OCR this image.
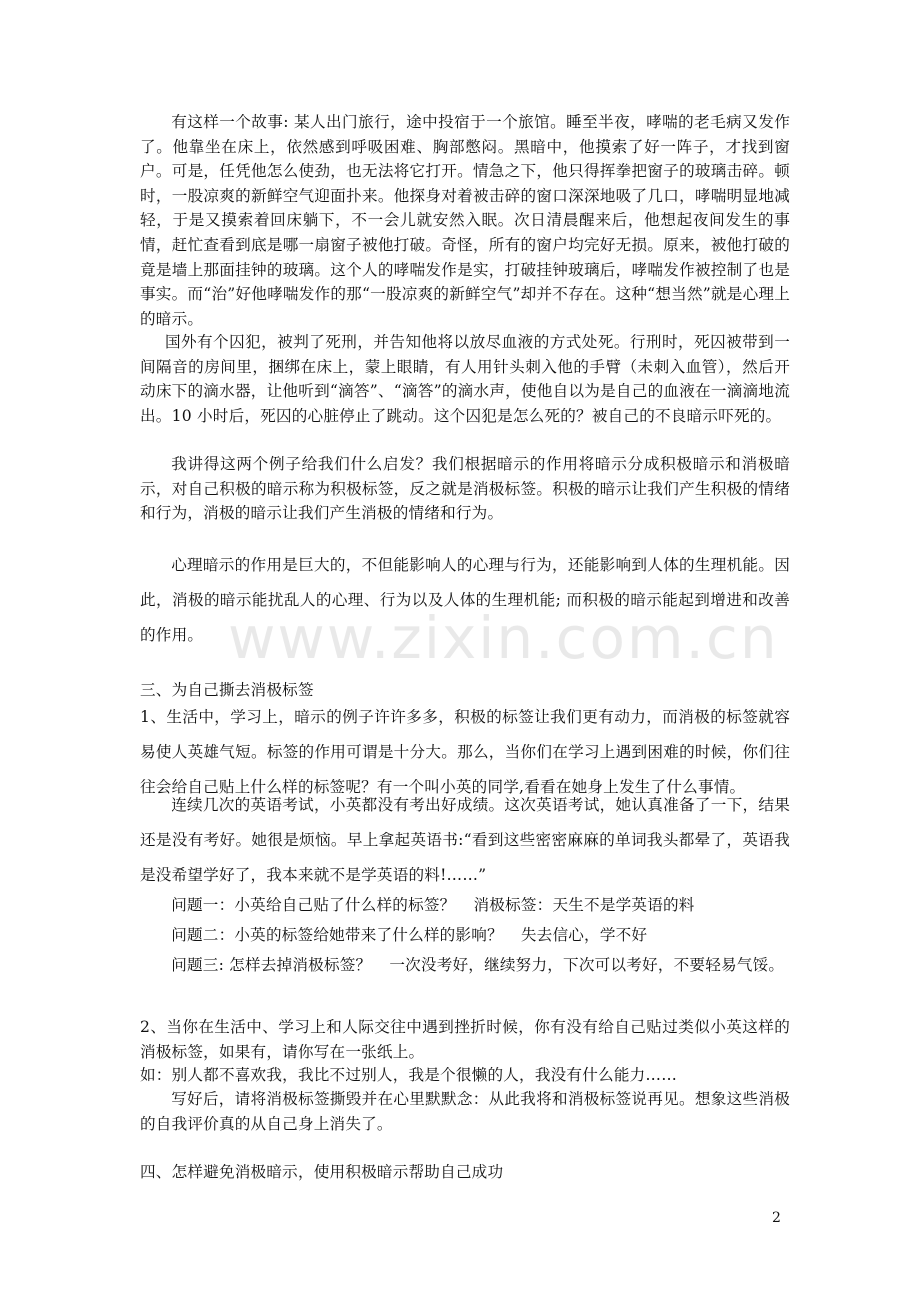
www.zixin.com.cn

有这样一个故事: 某人出门旅行，途中投宿于一个旅馆。睡至半夜，哮喘的老毛病又发作了。他靠坐在床上，依然感到呼吸困难、胸部憋闷。黑暗中，他摸索了好一阵子，才找到窗户。可是，任凭他怎么使劲，也无法将它打开。情急之下，他只得挥拳把窗子的玻璃击碎。顿时，一股凉爽的新鲜空气迎面扑来。他探身对着被击碎的窗口深深地吸了几口，哮喘明显地减轻，于是又摸索着回床躺下，不一会儿就安然入眠。次日清晨醒来后，他想起夜间发生的事情，赶忙查看到底是哪一扇窗子被他打破。奇怪，所有的窗户均完好无损。原来，被他打破的竟是墙上那面挂钟的玻璃。这个人的哮喘发作是实，打破挂钟玻璃后，哮喘发作被控制了也是事实。而“治”好他哮喘发作的那“一股凉爽的新鲜空气”却并不存在。这种“想当然”就是心理上的暗示。

国外有个囚犯，被判了死刑，并告知他将以放尽血液的方式处死。行刑时，死囚被带到一间隔音的房间里，捆绑在床上，蒙上眼睛，有人用针头刺入他的手臂（未刺入血管），然后开动床下的滴水器，让他听到“滴答”、“滴答”的滴水声，使他自以为是自己的血液在一滴滴地流出。10 小时后，死囚的心脏停止了跳动。这个囚犯是怎么死的？被自己的不良暗示吓死的。

我讲得这两个例子给我们什么启发？我们根据暗示的作用将暗示分成积极暗示和消极暗示，对自己积极的暗示称为积极标签，反之就是消极标签。积极的暗示让我们产生积极的情绪和行为，消极的暗示让我们产生消极的情绪和行为。

心理暗示的作用是巨大的，不但能影响人的心理与行为，还能影响到人体的生理机能。因此，消极的暗示能扰乱人的心理、行为以及人体的生理机能; 而积极的暗示能起到增进和改善的作用。

三、为自己撕去消极标签

1、生活中，学习上，暗示的例子许许多多，积极的标签让我们更有动力，而消极的标签就容易使人英雄气短。标签的作用可谓是十分大。那么，当你们在学习上遇到困难的时候，你们往往会给自己贴上什么样的标签呢？有一个叫小英的同学,看看在她身上发生了什么事情。

连续几次的英语考试，小英都没有考出好成绩。这次英语考试，她认真准备了一下，结果还是没有考好。她很是烦恼。早上拿起英语书:“看到这些密密麻麻的单词我头都晕了，英语我是没希望学好了，我本来就不是学英语的料!……”

问题一：小英给自己贴了什么样的标签？ 消极标签：天生不是学英语的料
问题二：小英的标签给她带来了什么样的影响？ 失去信心，学不好
问题三: 怎样去掉消极标签？ 一次没考好，继续努力，下次可以考好，不要轻易气馁。

2、当你在生活中、学习上和人际交往中遇到挫折时候，你有没有给自己贴过类似小英这样的消极标签，如果有，请你写在一张纸上。

如：别人都不喜欢我，我比不过别人，我是个很懒的人，我没有什么能力……

写好后，请将消极标签撕毁并在心里默默念：从此我将和消极标签说再见。想象这些消极的自我评价真的从自己身上消失了。

四、怎样避免消极暗示，使用积极暗示帮助自己成功

2
